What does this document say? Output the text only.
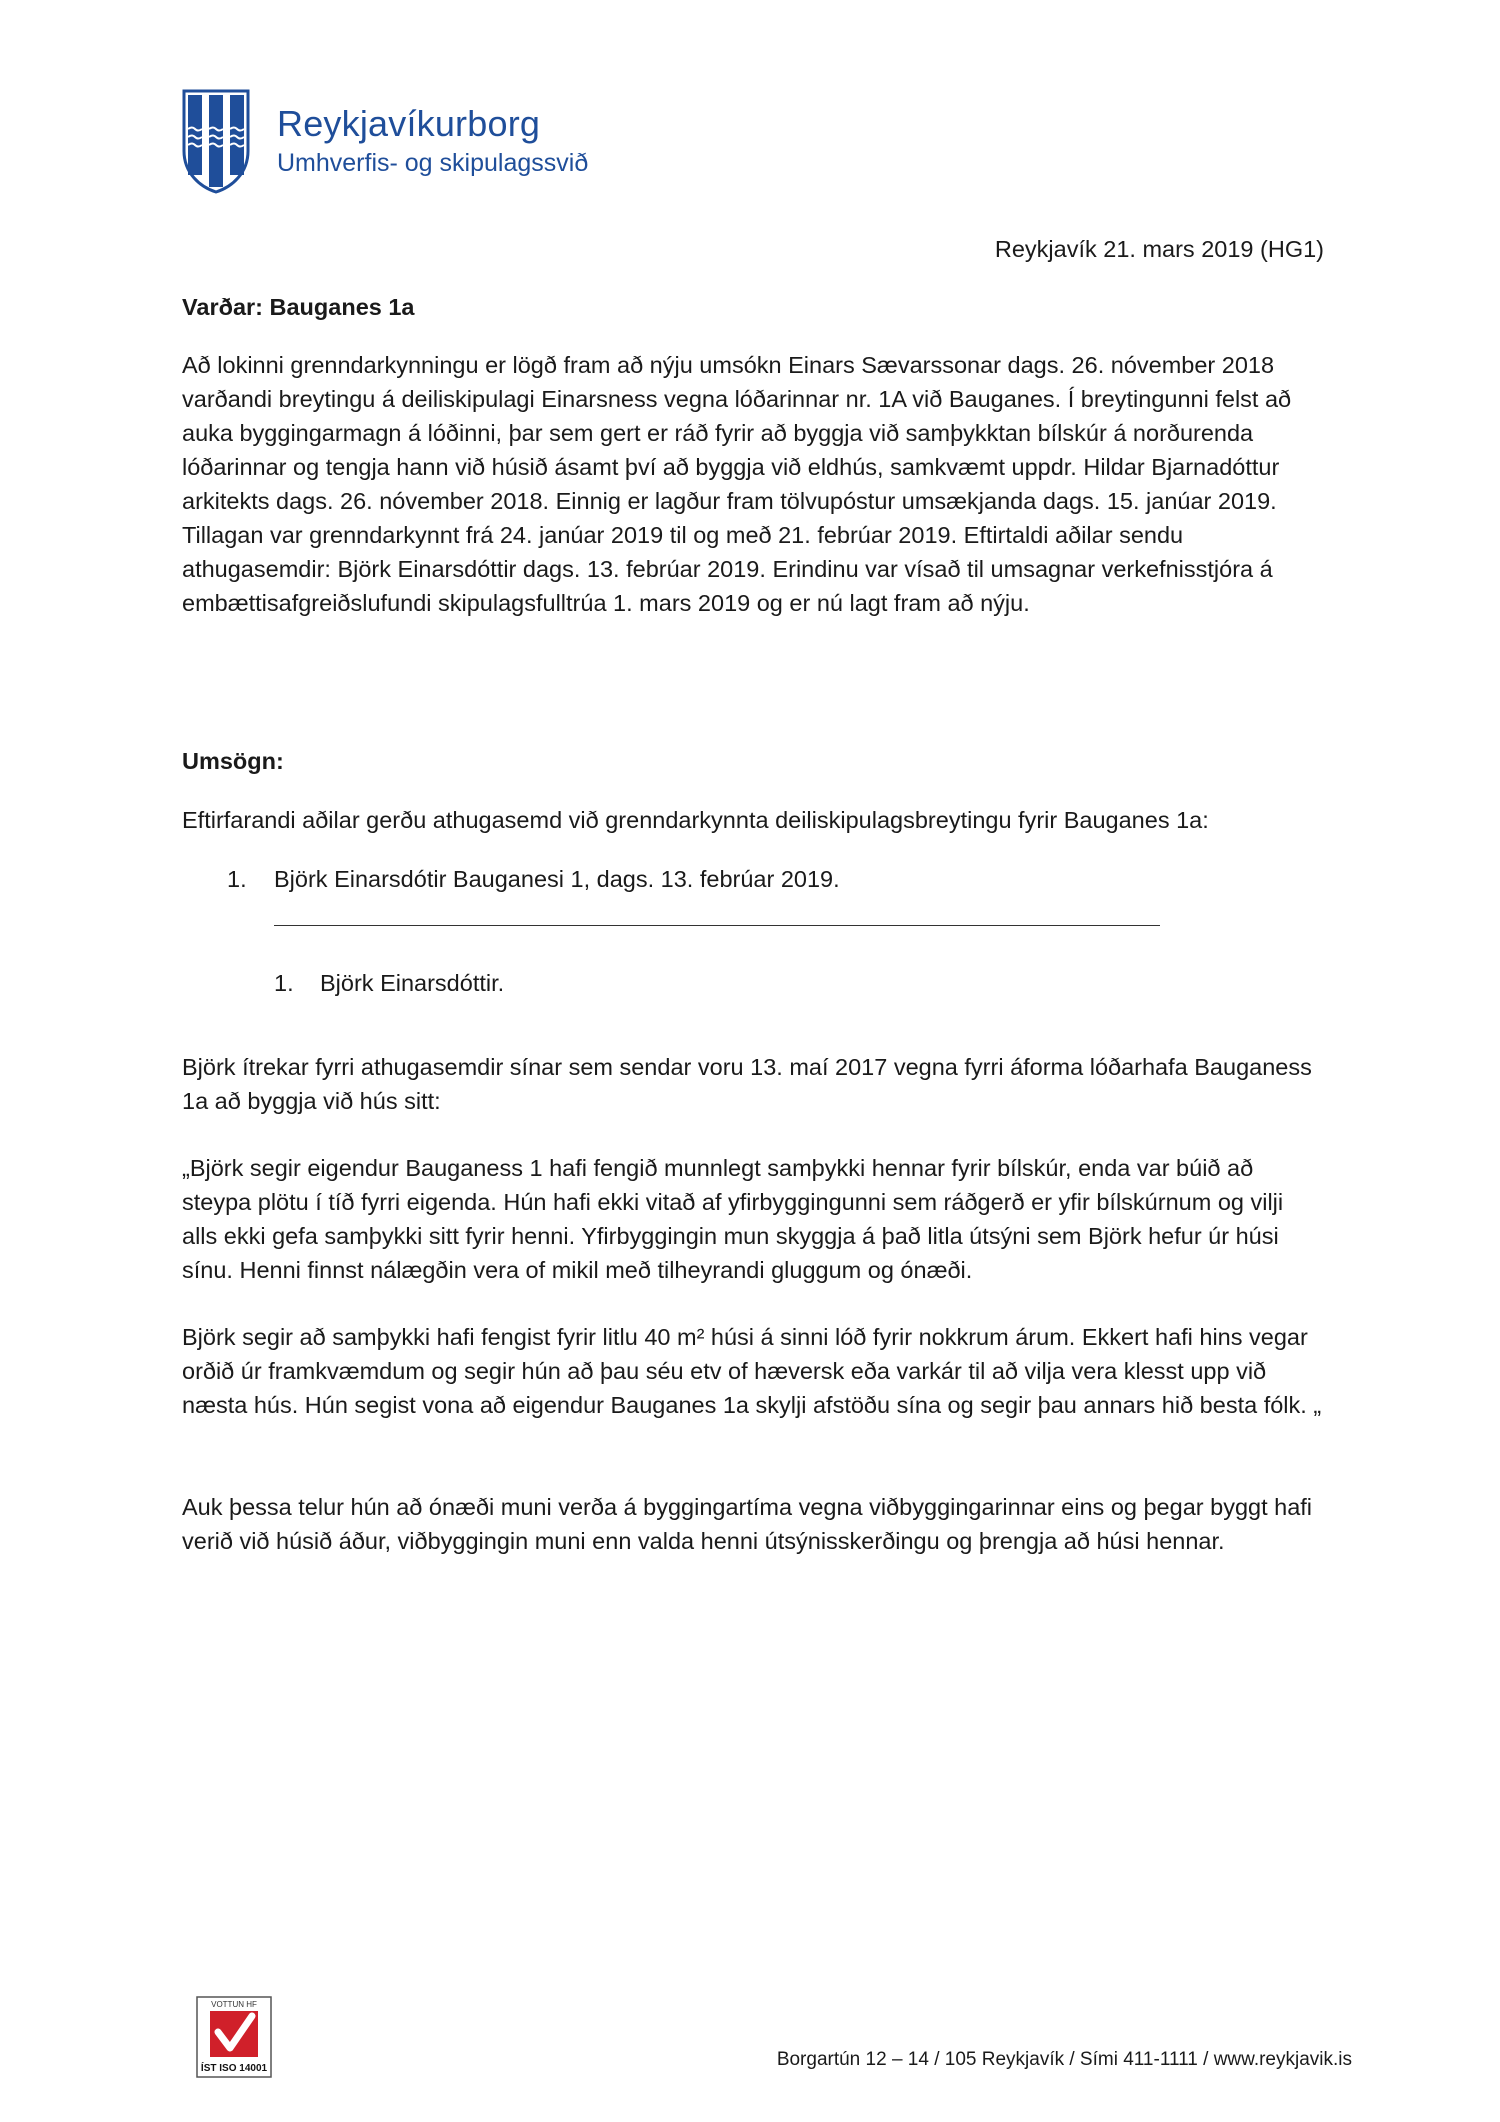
Reykjavíkurborg
Umhverfis- og skipulagssvið
Reykjavík 21. mars 2019 (HG1)
Varðar: Bauganes 1a

Að lokinni grenndarkynningu er lögð fram að nýju umsókn Einars Sævarssonar dags. 26. nóvember 2018 varðandi breytingu á deiliskipulagi Einarsness vegna lóðarinnar nr. 1A við Bauganes. Í breytingunni felst að auka byggingarmagn á lóðinni, þar sem gert er ráð fyrir að byggja við samþykktan bílskúr á norðurenda lóðarinnar og tengja hann við húsið ásamt því að byggja við eldhús, samkvæmt uppdr. Hildar Bjarnadóttur arkitekts dags. 26. nóvember 2018. Einnig er lagður fram tölvupóstur umsækjanda dags. 15. janúar 2019. Tillagan var grenndarkynnt frá 24. janúar 2019 til og með 21. febrúar 2019. Eftirtaldi aðilar sendu athugasemdir: Björk Einarsdóttir dags. 13. febrúar 2019. Erindinu var vísað til umsagnar verkefnisstjóra á embættisafgreiðslufundi skipulagsfulltrúa 1. mars 2019 og er nú lagt fram að nýju.

Umsögn:
Eftirfarandi aðilar gerðu athugasemd við grenndarkynnta deiliskipulagsbreytingu fyrir Bauganes 1a:
1. Björk Einarsdótir Bauganesi 1, dags. 13. febrúar 2019.
1. Björk Einarsdóttir.

Björk ítrekar fyrri athugasemdir sínar sem sendar voru 13. maí 2017 vegna fyrri áforma lóðarhafa Bauganess 1a að byggja við hús sitt:

„Björk segir eigendur Bauganess 1 hafi fengið munnlegt samþykki hennar fyrir bílskúr, enda var búið að steypa plötu í tíð fyrri eigenda. Hún hafi ekki vitað af yfirbyggingunni sem ráðgerð er yfir bílskúrnum og vilji alls ekki gefa samþykki sitt fyrir henni. Yfirbyggingin mun skyggja á það litla útsýni sem Björk hefur úr húsi sínu. Henni finnst nálægðin vera of mikil með tilheyrandi gluggum og ónæði.

Björk segir að samþykki hafi fengist fyrir litlu 40 m² húsi á sinni lóð fyrir nokkrum árum. Ekkert hafi hins vegar orðið úr framkvæmdum og segir hún að þau séu etv of hæversk eða varkár til að vilja vera klesst upp við næsta hús. Hún segist vona að eigendur Bauganes 1a skylji afstöðu sína og segir þau annars hið besta fólk. „

Auk þessa telur hún að ónæði muni verða á byggingartíma vegna viðbyggingarinnar eins og þegar byggt hafi verið við húsið áður, viðbyggingin muni enn valda henni útsýnisskerðingu og þrengja að húsi hennar.

VOTTUN HF
ÍST ISO 14001	Borgartún 12 – 14 / 105 Reykjavík / Sími 411-1111 / www.reykjavik.is
